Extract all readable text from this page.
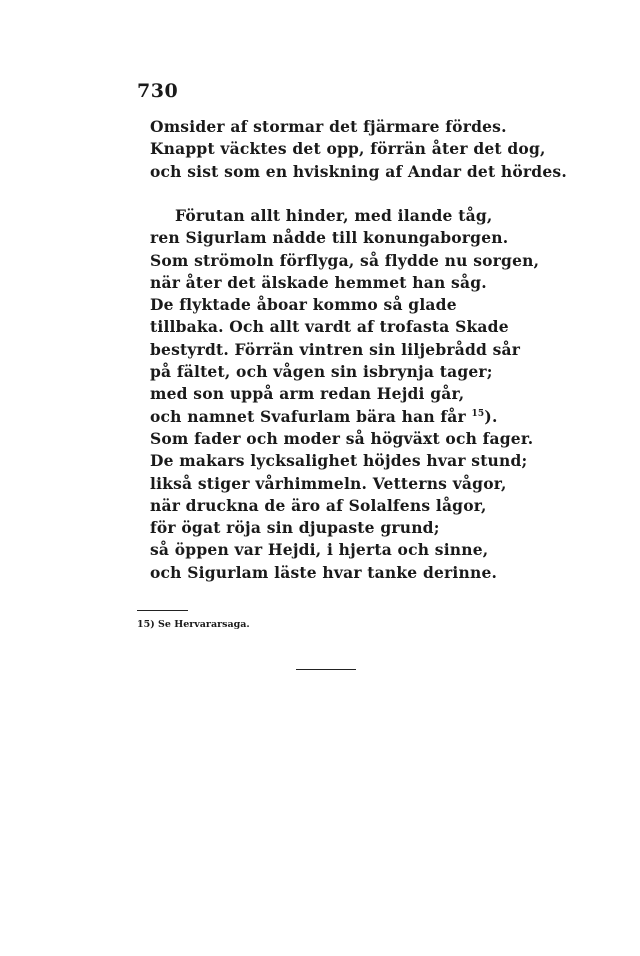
730
Omsider af stormar det fjärmare fördes.
Knappt väcktes det opp, förrän åter det dog,
och sist som en hviskning af Andar det hördes.
Förutan allt hinder, med ilande tåg,
ren Sigurlam nådde till konungaborgen.
Som strömoln förflyga, så flydde nu sorgen,
när åter det älskade hemmet han såg.
De flyktade åboar kommo så glade
tillbaka. Och allt vardt af trofasta Skade
bestyrdt. Förrän vintren sin liljebrådd sår
på fältet, och vågen sin isbrynja tager;
med son uppå arm redan Hejdi går,
och namnet Svafurlam bära han får $^{15}$).
Som fader och moder så högväxt och fager.
De makars lycksalighet höjdes hvar stund;
likså stiger vårhimmeln. Vetterns vågor,
när druckna de äro af Solalfens lågor,
för ögat röja sin djupaste grund;
så öppen var Hejdi, i hjerta och sinne,
och Sigurlam läste hvar tanke derinne.
15) Se Hervararsaga.
